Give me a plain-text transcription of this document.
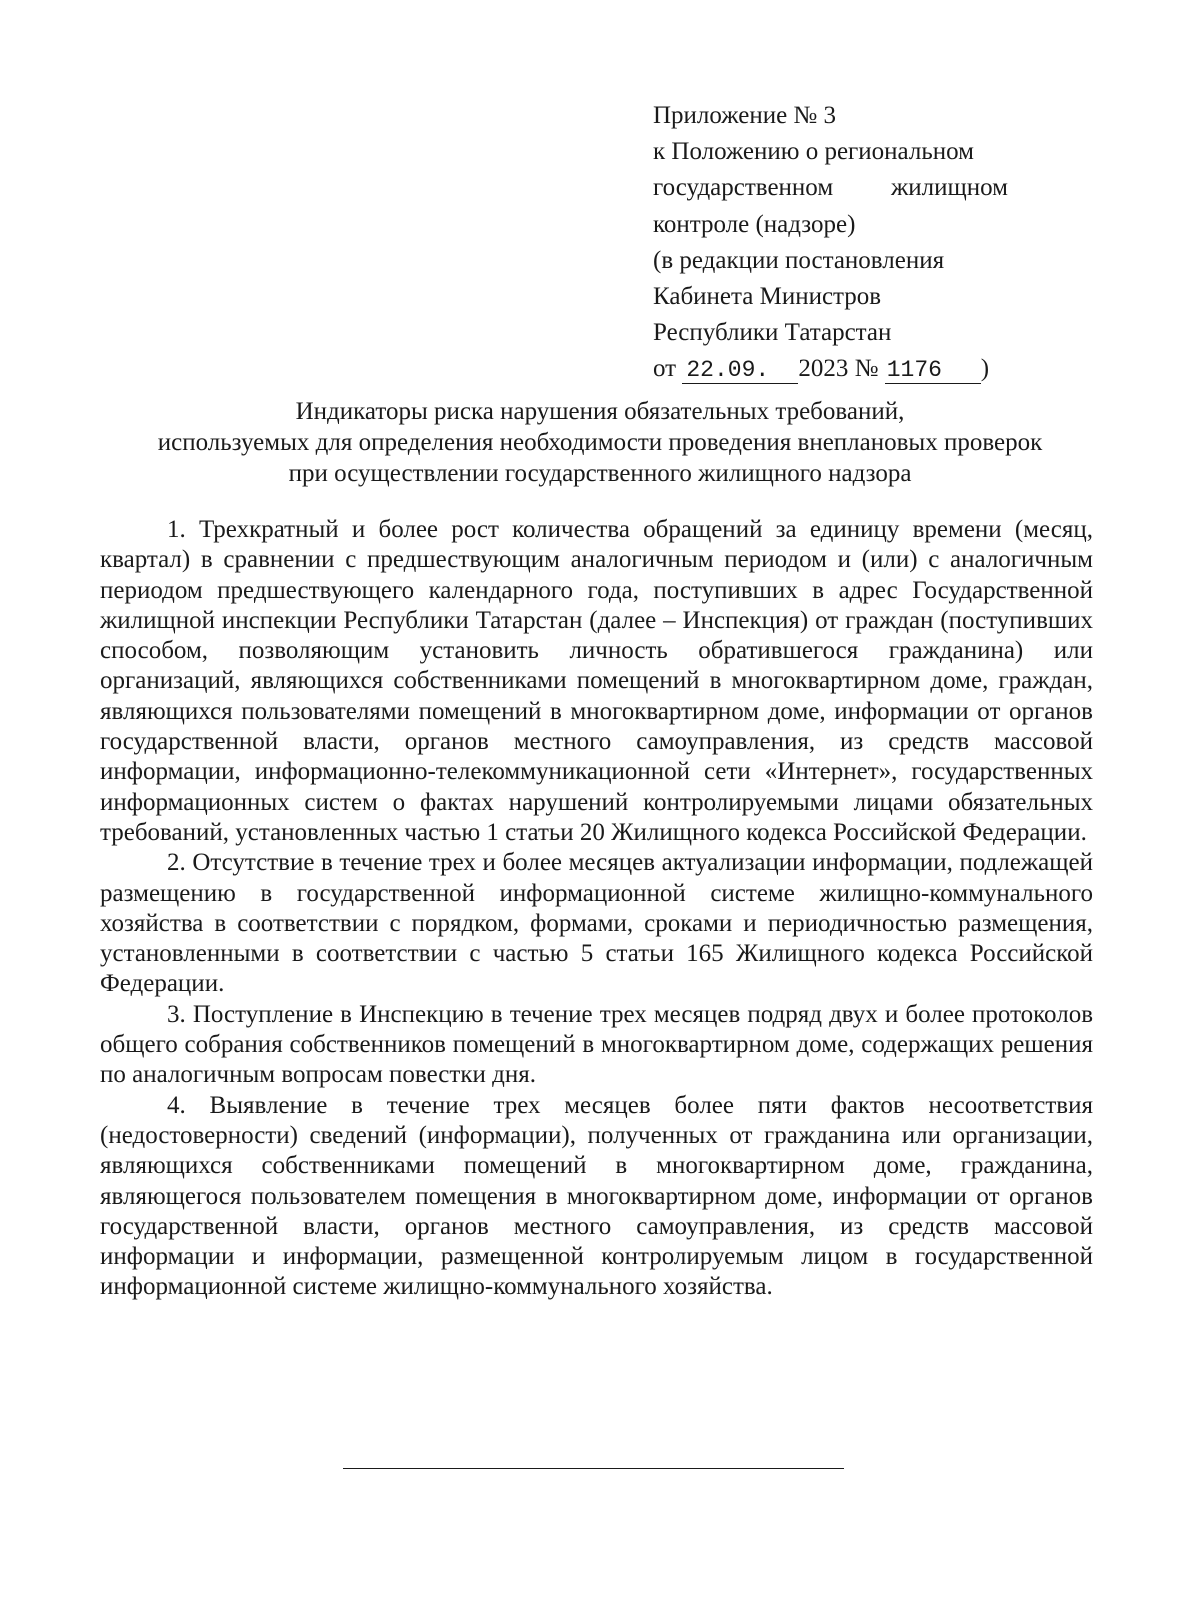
Приложение № 3
к Положению о региональном
государственном жилищном
контроле (надзоре)
(в редакции постановления
Кабинета Министров
Республики Татарстан
от 22.09. 2023 № 1176 )
Индикаторы риска нарушения обязательных требований,
используемых для определения необходимости проведения внеплановых проверок
при осуществлении государственного жилищного надзора

1. Трехкратный и более рост количества обращений за единицу времени (месяц, квартал) в сравнении с предшествующим аналогичным периодом и (или) с аналогичным периодом предшествующего календарного года, поступивших в адрес Государственной жилищной инспекции Республики Татарстан (далее – Инспекция) от граждан (поступивших способом, позволяющим установить личность обратившегося гражданина) или организаций, являющихся собственниками помещений в многоквартирном доме, граждан, являющихся пользователями помещений в многоквартирном доме, информации от органов государственной власти, органов местного самоуправления, из средств массовой информации, информационно-телекоммуникационной сети «Интернет», государственных информационных систем о фактах нарушений контролируемыми лицами обязательных требований, установленных частью 1 статьи 20 Жилищного кодекса Российской Федерации.

2. Отсутствие в течение трех и более месяцев актуализации информации, подлежащей размещению в государственной информационной системе жилищно-коммунального хозяйства в соответствии с порядком, формами, сроками и периодичностью размещения, установленными в соответствии с частью 5 статьи 165 Жилищного кодекса Российской Федерации.

3. Поступление в Инспекцию в течение трех месяцев подряд двух и более протоколов общего собрания собственников помещений в многоквартирном доме, содержащих решения по аналогичным вопросам повестки дня.

4. Выявление в течение трех месяцев более пяти фактов несоответствия (недостоверности) сведений (информации), полученных от гражданина или организации, являющихся собственниками помещений в многоквартирном доме, гражданина, являющегося пользователем помещения в многоквартирном доме, информации от органов государственной власти, органов местного самоуправления, из средств массовой информации и информации, размещенной контролируемым лицом в государственной информационной системе жилищно-коммунального хозяйства.
